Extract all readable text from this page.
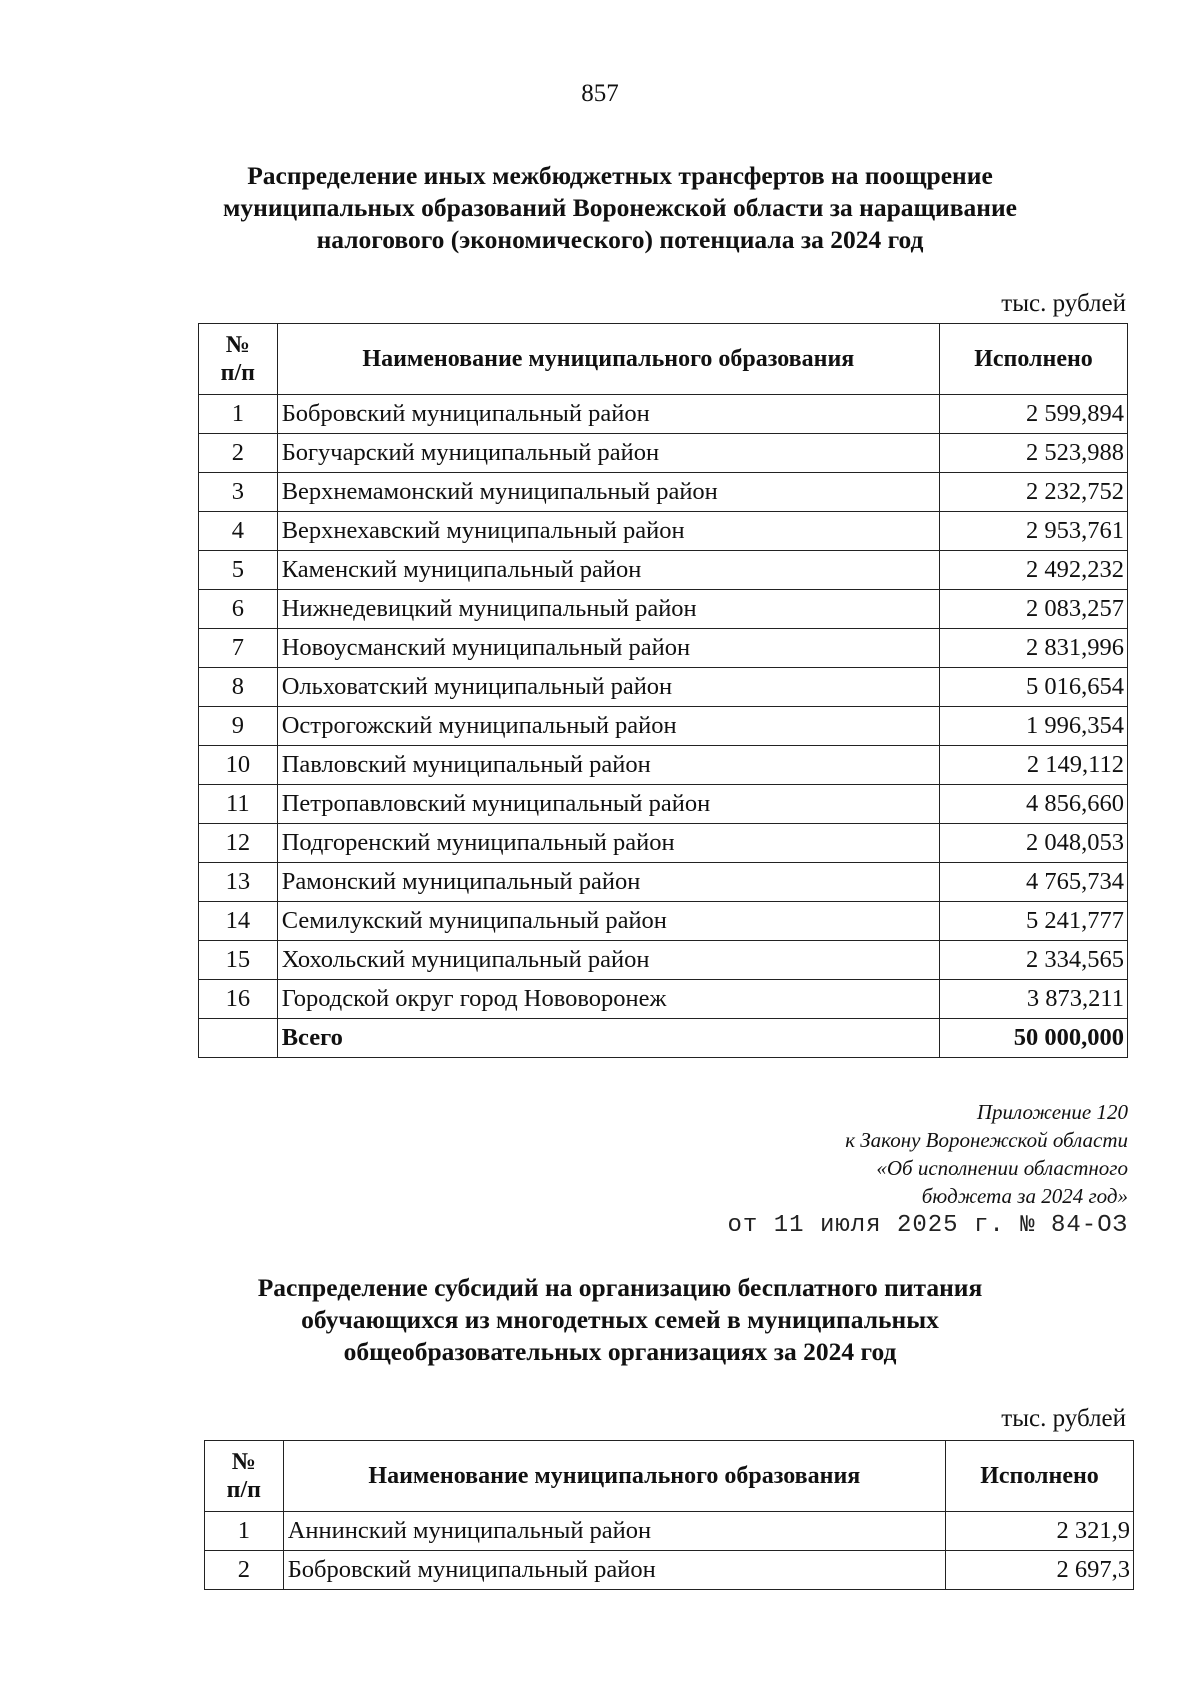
857
Распределение иных межбюджетных трансфертов на поощрение
муниципальных образований Воронежской области за наращивание
налогового (экономического) потенциала за 2024 год
тыс. рублей
№
п/п	Наименование муниципального образования	Исполнено
1	Бобровский муниципальный район	2 599,894
2	Богучарский муниципальный район	2 523,988
3	Верхнемамонский муниципальный район	2 232,752
4	Верхнехавский муниципальный район	2 953,761
5	Каменский муниципальный район	2 492,232
6	Нижнедевицкий муниципальный район	2 083,257
7	Новоусманский муниципальный район	2 831,996
8	Ольховатский муниципальный район	5 016,654
9	Острогожский муниципальный район	1 996,354
10	Павловский муниципальный район	2 149,112
11	Петропавловский муниципальный район	4 856,660
12	Подгоренский муниципальный район	2 048,053
13	Рамонский муниципальный район	4 765,734
14	Семилукский муниципальный район	5 241,777
15	Хохольский муниципальный район	2 334,565
16	Городской округ город Нововоронеж	3 873,211
	Всего	50 000,000
Приложение 120
к Закону Воронежской области
«Об исполнении областного
бюджета за 2024 год»
от 11 июля 2025 г. № 84-ОЗ
Распределение субсидий на организацию бесплатного питания
обучающихся из многодетных семей в муниципальных
общеобразовательных организациях за 2024 год
тыс. рублей
№
п/п	Наименование муниципального образования	Исполнено
1	Аннинский муниципальный район	2 321,9
2	Бобровский муниципальный район	2 697,3
